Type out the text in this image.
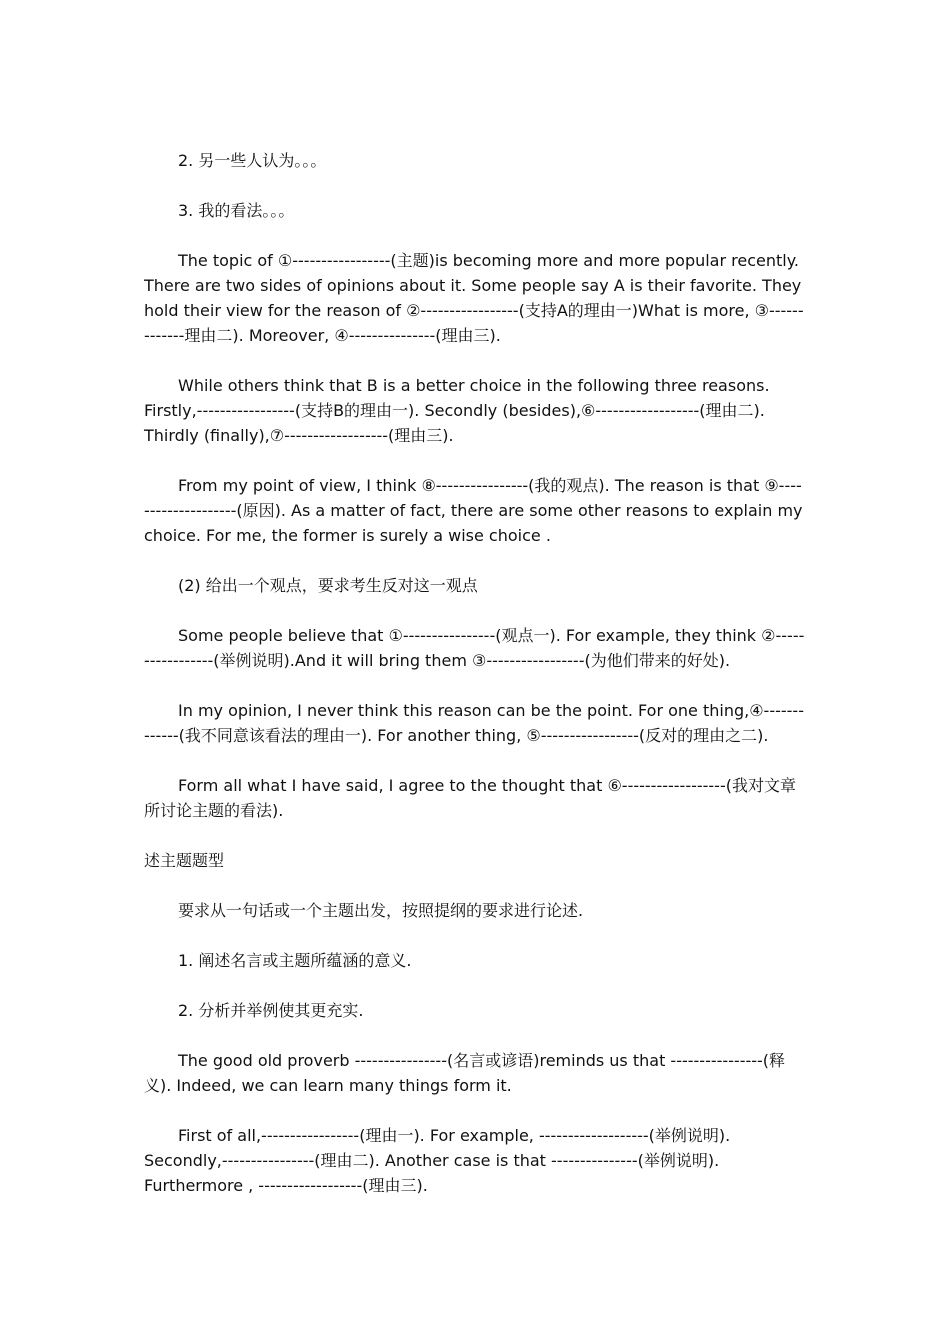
2. 另一些人认为。。。

3. 我的看法。。。

The topic of ①-----------------(主题)is becoming more and more popular recently. There are two sides of opinions about it. Some people say A is their favorite. They hold their view for the reason of ②-----------------(支持A的理由一)What is more, ③-------------理由二). Moreover, ④---------------(理由三).

While others think that B is a better choice in the following three reasons. Firstly,-----------------(支持B的理由一). Secondly (besides),⑥------------------(理由二). Thirdly (finally),⑦------------------(理由三).

From my point of view, I think ⑧----------------(我的观点). The reason is that ⑨--------------------(原因). As a matter of fact, there are some other reasons to explain my choice. For me, the former is surely a wise choice .

(2) 给出一个观点，要求考生反对这一观点

Some people believe that ①----------------(观点一). For example, they think ②-----------------(举例说明).And it will bring them ③-----------------(为他们带来的好处).

In my opinion, I never think this reason can be the point. For one thing,④-------------(我不同意该看法的理由一). For another thing, ⑤-----------------(反对的理由之二).

Form all what I have said, I agree to the thought that ⑥------------------(我对文章所讨论主题的看法).

述主题题型

要求从一句话或一个主题出发，按照提纲的要求进行论述.

1. 阐述名言或主题所蕴涵的意义.

2. 分析并举例使其更充实.

The good old proverb ----------------(名言或谚语)reminds us that ----------------(释义). Indeed, we can learn many things form it.

First of all,-----------------(理由一). For example, -------------------(举例说明). Secondly,----------------(理由二). Another case is that ---------------(举例说明). Furthermore , ------------------(理由三).
